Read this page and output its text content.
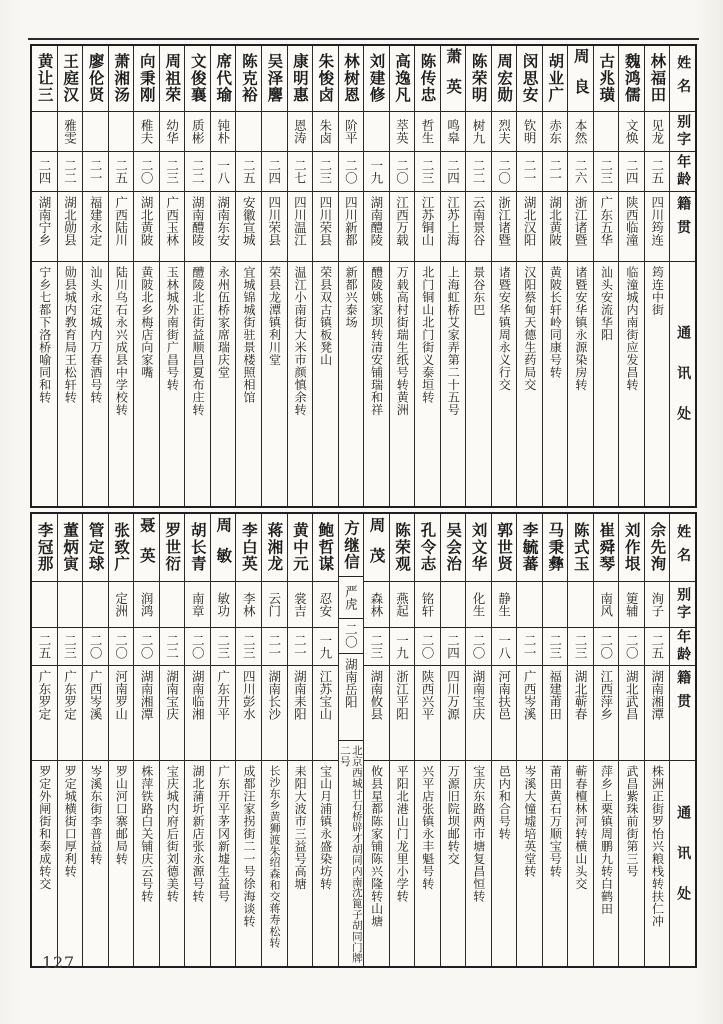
姓名
别字
年龄
籍贯
通讯处
林福田
见龙
二五
四川筠连
筠连中街
魏鸿儒
文焕
二四
陕西临潼
临潼城内南街应发昌转
古兆璜
二三
广东五华
汕头安流华阳
周良
本然
二六
浙江诸暨
诸暨安华镇永源染房转
胡业广
赤东
二一
湖北黄陂
黄陂长轩岭同康号转
闵思安
钦明
二一
湖北汉阳
汉阳蔡甸天德生药局交
周宏勋
烈夫
二〇
浙江诸暨
诸暨安华镇周永义行交
陈荣明
树九
二二
云南景谷
景谷东巴
萧英
鸣皋
二四
江苏上海
上海虹桥艾家弄第二十五号
陈传忠
哲生
二三
江苏铜山
北门铜山北门街义泰垣转
高逸凡
萃英
二〇
江西万载
万载高村街瑞生纸号转黄洲
刘建修
一九
湖南醴陵
醴陵姚家坝转清安铺瑞和祥
林树恩
阶平
二〇
四川新都
新都兴泰场
朱悛卤
朱卤
二三
四川荣县
荣县双古镇板凳山
康明惠
恩涛
二七
四川温江
温江小南街大米市颜慎余转
吴泽麐
二四
四川荣县
荣县龙潭镇利川堂
陈克裕
二五
安徽宣城
宜城锦城街驻景楼照相馆
席代瑜
钝朴
一八
湖南东安
永州伍桥家席瑞庆堂
文俊襄
质彬
二二
湖南醴陵
醴陵北正街益顺昌夏布庄转
周祖荣
幼华
二三
广西玉林
玉林城外南街广昌号转
向秉刚
稚夫
二〇
湖北黄陂
黄陂北乡梅店向家嘴
萧湘汤
二五
广西陆川
陆川乌石永兴成县中学校转
廖伦贤
二一
福建永定
汕头永定城内万春酒号转
王庭汉
雅雯
二二
湖北勋县
勋县城内教育局王松轩转
黄让三
二四
湖南宁乡
宁乡七都下洛桥喻同和转
姓名
别字
年龄
籍贯
通讯处
佘先洵
洵子
二五
湖南湘潭
株洲正街罗怡兴粮栈转扶仁冲
刘作垠
筻辅
二〇
湖北武昌
武昌紫珠前街第三号
崔舜琴
南风
二〇
江西萍乡
萍乡上栗镇周鹏九转白鹤田
陈式玉
二三
湖北蕲春
蕲春檀林河转横山头交
马秉彝
二三
福建莆田
莆田黄石万顺宝号转
李毓蕃
二一
广西岑溪
岑溪大憧墟培英堂转
郭世贤
静生
一八
河南扶邑
邑内和合号转
刘文华
化生
二〇
湖南宝庆
宝庆东路两市塘复昌恒转
吴会治
二四
四川万源
万源旧院坝邮转交
孔令志
铭轩
二〇
陕西兴平
兴平店张镇永丰魁号转
陈荣观
燕起
一九
浙江平阳
平阳北港山门龙里小学转
周茂
森林
二三
湖南攸县
攸县星都陈家铺陈兴隆转山塘
方继信
严虎
二〇
湖南岳阳
北京西城甘石桥辟才胡同内南沈篦子胡同门牌二号
鲍哲谋
忍安
一九
江苏宝山
宝山月浦镇永盛染坊转
黄中元
裳吉
二一
湖南耒阳
耒阳大波市三益号高塘
蒋湘龙
云门
二一
湖南长沙
长沙东乡黄狮渡朱绍森和交蒋寿松转
李白英
李林
二三
四川彭水
成都汪家拐街二一号徐海谈转
周敏
敏功
二三
广东开平
广东开平茅冈新墟生益号
胡长青
南章
二〇
湖南临湘
湖北蒲圻新店张永源号转
罗世衍
二二
湖南宝庆
宝庆城内府后街刘德美转
聂英
润鸿
二〇
湖南湘潭
株萍铁路白关铺庆云号转
张致广
定洲
二〇
河南罗山
罗山河口寨邮局转
管定球
二〇
广西岑溪
岑溪东街李普益转
董炳寅
二三
广东罗定
罗定城横街口厚利转
李冠那
二五
广东罗定
罗定外闸街和泰成转交
127
